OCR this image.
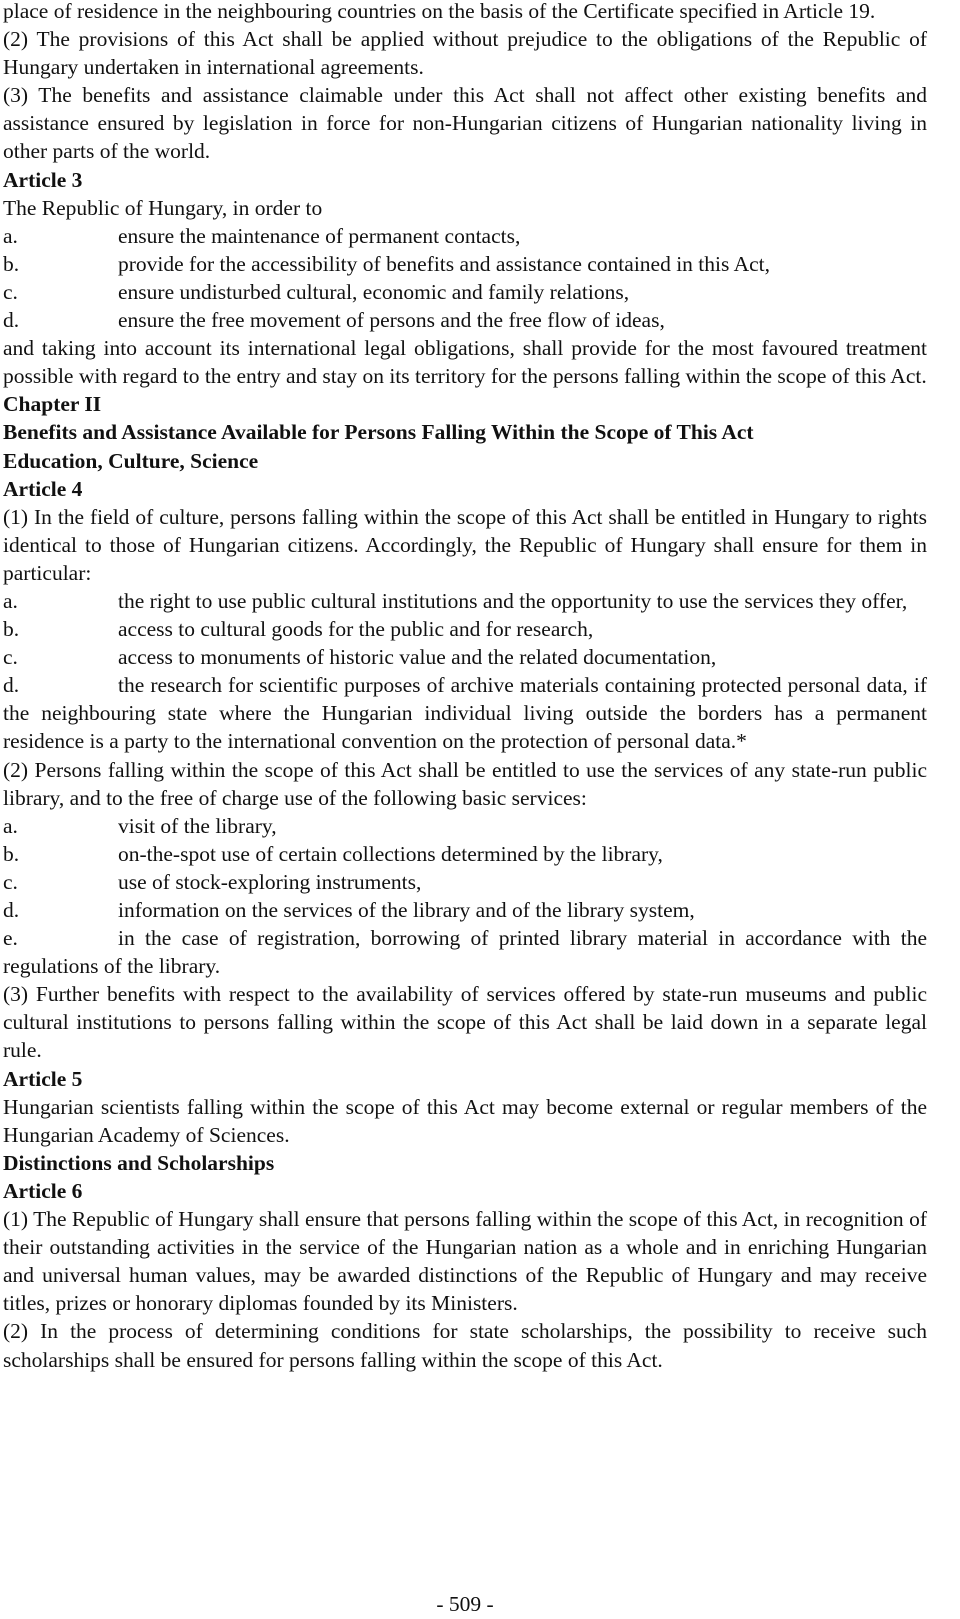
place of residence in the neighbouring countries on the basis of the Certificate specified in Article 19.
(2) The provisions of this Act shall be applied without prejudice to the obligations of the Republic of Hungary undertaken in international agreements.
(3) The benefits and assistance claimable under this Act shall not affect other existing benefits and assistance ensured by legislation in force for non-Hungarian citizens of Hungarian nationality living in other parts of the world.
Article 3
The Republic of Hungary, in order to
a.	ensure the maintenance of permanent contacts,
b.	provide for the accessibility of benefits and assistance contained in this Act,
c.	ensure undisturbed cultural, economic and family relations,
d.	ensure the free movement of persons and the free flow of ideas,
and taking into account its international legal obligations, shall provide for the most favoured treatment possible with regard to the entry and stay on its territory for the persons falling within the scope of this Act.
Chapter II
Benefits and Assistance Available for Persons Falling Within the Scope of This Act
Education, Culture, Science
Article 4
(1) In the field of culture, persons falling within the scope of this Act shall be entitled in Hungary to rights identical to those of Hungarian citizens. Accordingly, the Republic of Hungary shall ensure for them in particular:
a.	the right to use public cultural institutions and the opportunity to use the services they offer,
b.	access to cultural goods for the public and for research,
c.	access to monuments of historic value and the related documentation,
d.	the research for scientific purposes of archive materials containing protected personal data, if the neighbouring state where the Hungarian individual living outside the borders has a permanent residence is a party to the international convention on the protection of personal data.*
(2) Persons falling within the scope of this Act shall be entitled to use the services of any state-run public library, and to the free of charge use of the following basic services:
a.	visit of the library,
b.	on-the-spot use of certain collections determined by the library,
c.	use of stock-exploring instruments,
d.	information on the services of the library and of the library system,
e.	in the case of registration, borrowing of printed library material in accordance with the regulations of the library.
(3) Further benefits with respect to the availability of services offered by state-run museums and public cultural institutions to persons falling within the scope of this Act shall be laid down in a separate legal rule.
Article 5
Hungarian scientists falling within the scope of this Act may become external or regular members of the Hungarian Academy of Sciences.
Distinctions and Scholarships
Article 6
(1) The Republic of Hungary shall ensure that persons falling within the scope of this Act, in recognition of their outstanding activities in the service of the Hungarian nation as a whole and in enriching Hungarian and universal human values, may be awarded distinctions of the Republic of Hungary and may receive titles, prizes or honorary diplomas founded by its Ministers.
(2) In the process of determining conditions for state scholarships, the possibility to receive such scholarships shall be ensured for persons falling within the scope of this Act.
- 509 -
